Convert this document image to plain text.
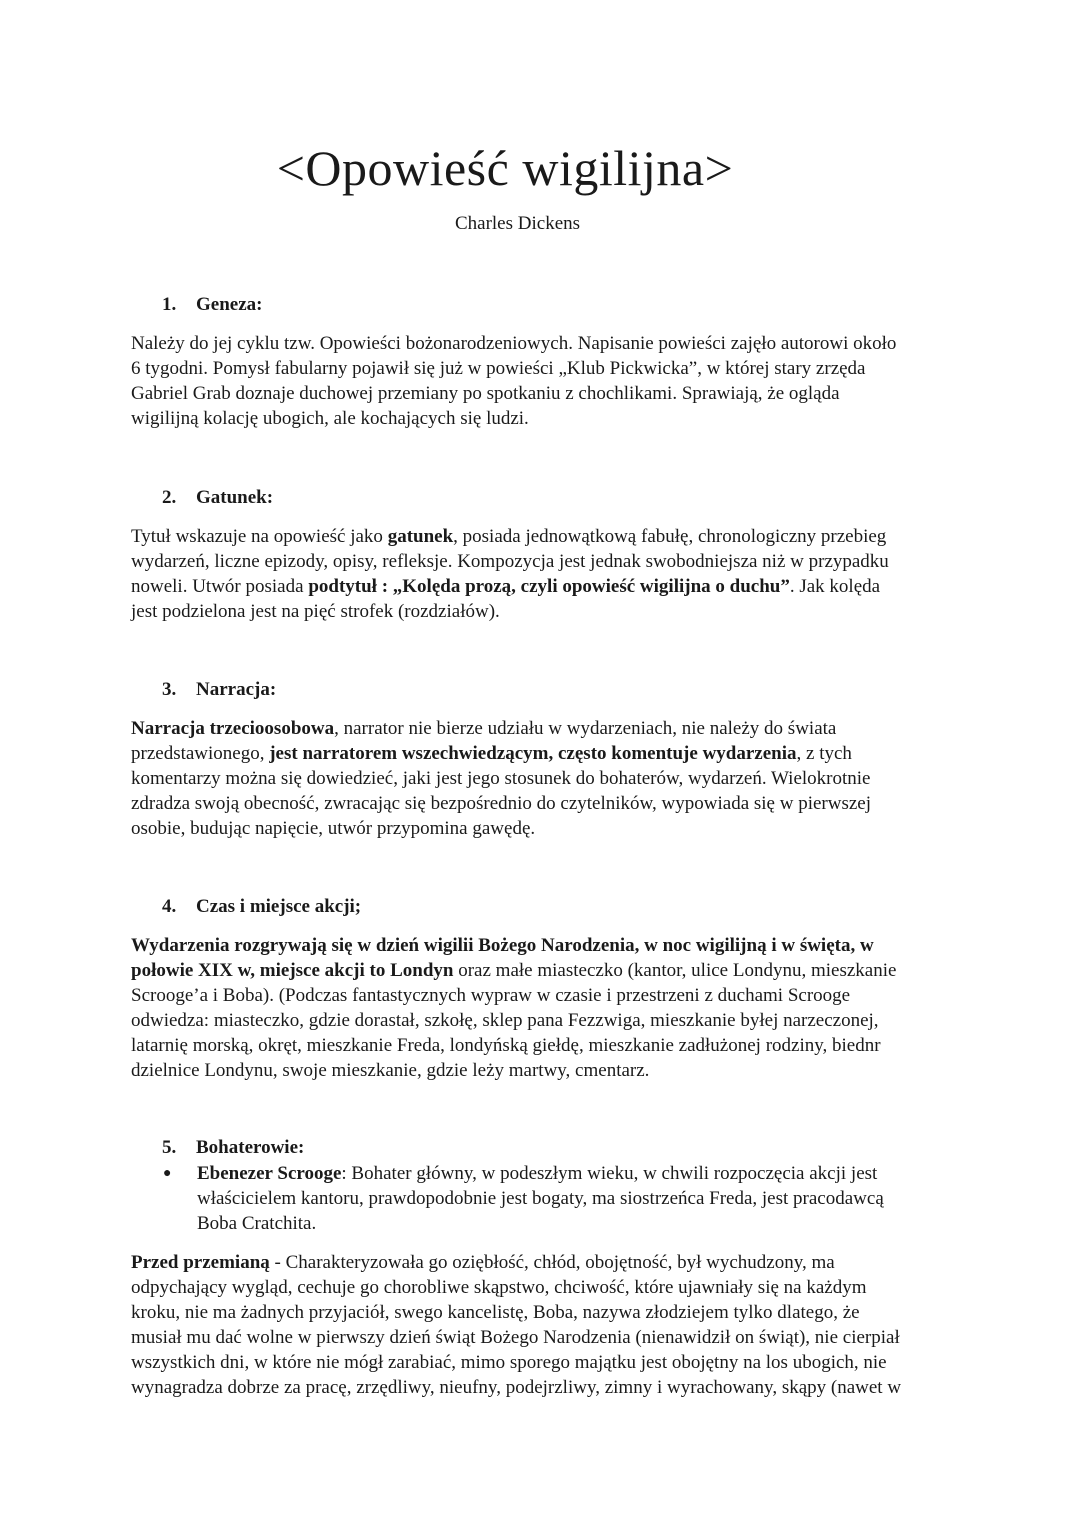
<Opowieść wigilijna>
Charles Dickens
1. Geneza:
Należy do jej cyklu tzw. Opowieści bożonarodzeniowych. Napisanie powieści zajęło autorowi około
6 tygodni. Pomysł fabularny pojawił się już w powieści „Klub Pickwicka”, w której stary zrzęda
Gabriel Grab doznaje duchowej przemiany po spotkaniu z chochlikami. Sprawiają, że ogląda
wigilijną kolację ubogich, ale kochających się ludzi.
2. Gatunek:
Tytuł wskazuje na opowieść jako gatunek, posiada jednowątkową fabułę, chronologiczny przebieg
wydarzeń, liczne epizody, opisy, refleksje. Kompozycja jest jednak swobodniejsza niż w przypadku
noweli. Utwór posiada podtytuł : „Kolęda prozą, czyli opowieść wigilijna o duchu”. Jak kolęda
jest podzielona jest na pięć strofek (rozdziałów).
3. Narracja:
Narracja trzecioosobowa, narrator nie bierze udziału w wydarzeniach, nie należy do świata
przedstawionego, jest narratorem wszechwiedzącym, często komentuje wydarzenia, z tych
komentarzy można się dowiedzieć, jaki jest jego stosunek do bohaterów, wydarzeń. Wielokrotnie
zdradza swoją obecność, zwracając się bezpośrednio do czytelników, wypowiada się w pierwszej
osobie, budując napięcie, utwór przypomina gawędę.
4. Czas i miejsce akcji;
Wydarzenia rozgrywają się w dzień wigilii Bożego Narodzenia, w noc wigilijną i w święta, w
połowie XIX w, miejsce akcji to Londyn oraz małe miasteczko (kantor, ulice Londynu, mieszkanie
Scrooge’a i Boba). (Podczas fantastycznych wypraw w czasie i przestrzeni z duchami Scrooge
odwiedza: miasteczko, gdzie dorastał, szkołę, sklep pana Fezzwiga, mieszkanie byłej narzeczonej,
latarnię morską, okręt, mieszkanie Freda, londyńską giełdę, mieszkanie zadłużonej rodziny, biednr
dzielnice Londynu, swoje mieszkanie, gdzie leży martwy, cmentarz.
5. Bohaterowie:
● Ebenezer Scrooge: Bohater główny, w podeszłym wieku, w chwili rozpoczęcia akcji jest
właścicielem kantoru, prawdopodobnie jest bogaty, ma siostrzeńca Freda, jest pracodawcą
Boba Cratchita.
Przed przemianą - Charakteryzowała go oziębłość, chłód, obojętność, był wychudzony, ma
odpychający wygląd, cechuje go chorobliwe skąpstwo, chciwość, które ujawniały się na każdym
kroku, nie ma żadnych przyjaciół, swego kancelistę, Boba, nazywa złodziejem tylko dlatego, że
musiał mu dać wolne w pierwszy dzień świąt Bożego Narodzenia (nienawidził on świąt), nie cierpiał
wszystkich dni, w które nie mógł zarabiać, mimo sporego majątku jest obojętny na los ubogich, nie
wynagradza dobrze za pracę, zrzędliwy, nieufny, podejrzliwy, zimny i wyrachowany, skąpy (nawet w
